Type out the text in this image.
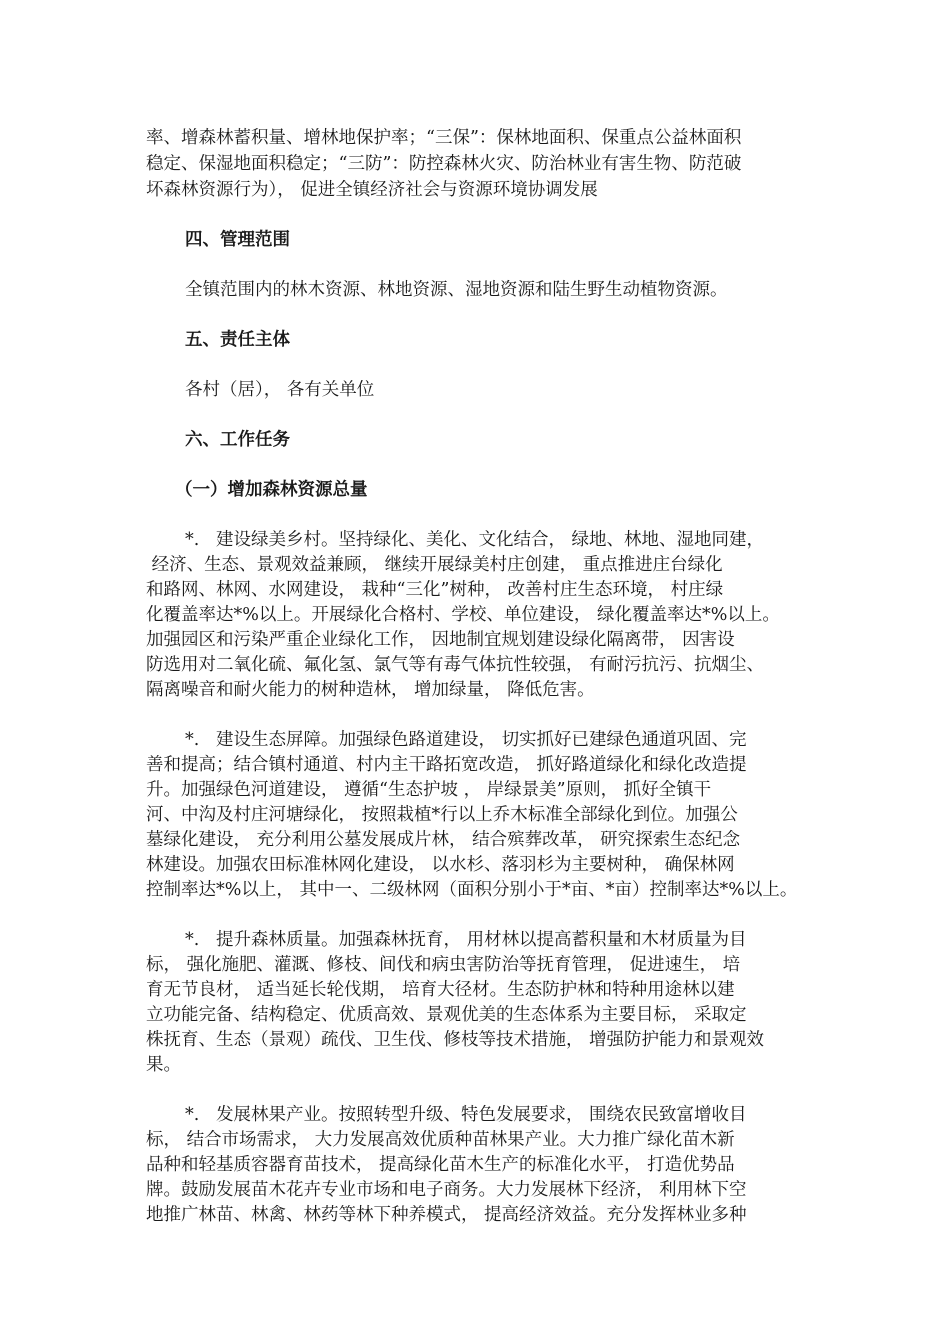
率、增森林蓄积量、增林地保护率；“三保”：保林地面积、保重点公益林面积
稳定、保湿地面积稳定；“三防”：防控森林火灾、防治林业有害生物、防范破
坏森林资源行为）， 促进全镇经济社会与资源环境协调发展
四、管理范围
全镇范围内的林木资源、林地资源、湿地资源和陆生野生动植物资源。
五、责任主体
各村（居）， 各有关单位
六、工作任务
（一）增加森林资源总量
*.   建设绿美乡村。坚持绿化、美化、文化结合， 绿地、林地、湿地同建，
经济、生态、景观效益兼顾， 继续开展绿美村庄创建， 重点推进庄台绿化
和路网、林网、水网建设， 栽种“三化”树种， 改善村庄生态环境， 村庄绿
化覆盖率达*%以上。开展绿化合格村、学校、单位建设， 绿化覆盖率达*%以上。
加强园区和污染严重企业绿化工作， 因地制宜规划建设绿化隔离带， 因害设
防选用对二氧化硫、氟化氢、氯气等有毒气体抗性较强， 有耐污抗污、抗烟尘、
隔离噪音和耐火能力的树种造林， 增加绿量， 降低危害。
*.   建设生态屏障。加强绿色路道建设， 切实抓好已建绿色通道巩固、完
善和提高；结合镇村通道、村内主干路拓宽改造， 抓好路道绿化和绿化改造提
升。加强绿色河道建设， 遵循“生态护坡 ， 岸绿景美”原则， 抓好全镇干
河、中沟及村庄河塘绿化， 按照栽植*行以上乔木标准全部绿化到位。加强公
墓绿化建设， 充分利用公墓发展成片林， 结合殡葬改革， 研究探索生态纪念
林建设。加强农田标准林网化建设， 以水杉、落羽杉为主要树种， 确保林网
控制率达*%以上， 其中一、二级林网（面积分别小于*亩、*亩）控制率达*%以上。
*.   提升森林质量。加强森林抚育， 用材林以提高蓄积量和木材质量为目
标， 强化施肥、灌溉、修枝、间伐和病虫害防治等抚育管理， 促进速生， 培
育无节良材， 适当延长轮伐期， 培育大径材。生态防护林和特种用途林以建
立功能完备、结构稳定、优质高效、景观优美的生态体系为主要目标， 采取定
株抚育、生态（景观）疏伐、卫生伐、修枝等技术措施， 增强防护能力和景观效
果。
*.   发展林果产业。按照转型升级、特色发展要求， 围绕农民致富增收目
标， 结合市场需求， 大力发展高效优质种苗林果产业。大力推广绿化苗木新
品种和轻基质容器育苗技术， 提高绿化苗木生产的标准化水平， 打造优势品
牌。鼓励发展苗木花卉专业市场和电子商务。大力发展林下经济， 利用林下空
地推广林苗、林禽、林药等林下种养模式， 提高经济效益。充分发挥林业多种
